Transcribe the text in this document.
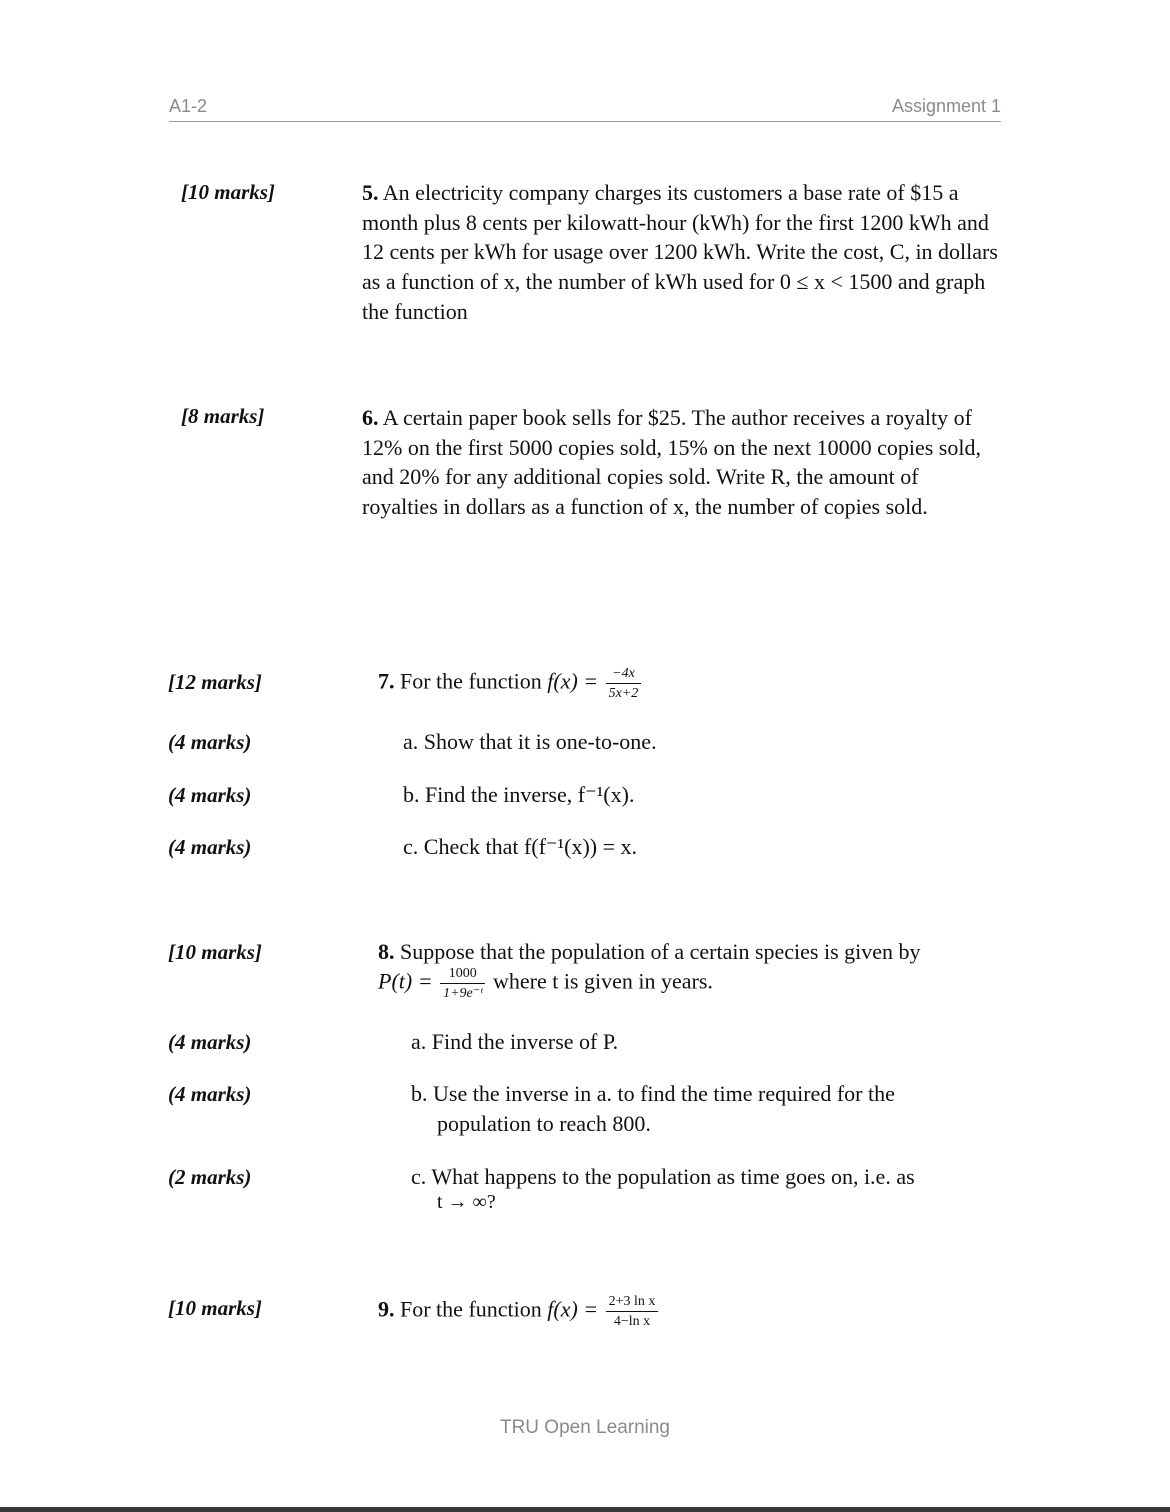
A1-2	Assignment 1
[10 marks]	5. An electricity company charges its customers a base rate of $15 a month plus 8 cents per kilowatt-hour (kWh) for the first 1200 kWh and 12 cents per kWh for usage over 1200 kWh. Write the cost, C, in dollars as a function of x, the number of kWh used for 0 ≤ x < 1500 and graph the function
[8 marks]	6. A certain paper book sells for $25. The author receives a royalty of 12% on the first 5000 copies sold, 15% on the next 10000 copies sold, and 20% for any additional copies sold. Write R, the amount of royalties in dollars as a function of x, the number of copies sold.
[12 marks]	7. For the function $f(x) = \frac{-4x}{5x+2}$
(4 marks)	a. Show that it is one-to-one.
(4 marks)	b. Find the inverse, f⁻¹(x).
(4 marks)	c. Check that f(f⁻¹(x)) = x.
[10 marks]	8. Suppose that the population of a certain species is given by
$P(t) = \frac{1000}{\text{1+9e⁻ᵗ}}$ where t is given in years.
(4 marks)	a. Find the inverse of P.
(4 marks)	b. Use the inverse in a. to find the time required for the
population to reach 800.
(2 marks)	c. What happens to the population as time goes on, i.e. as
t → ∞?
[10 marks]	9. For the function $f(x) = \frac{\text{2+3 ln x}}{\text{4−ln x}}$
TRU Open Learning
